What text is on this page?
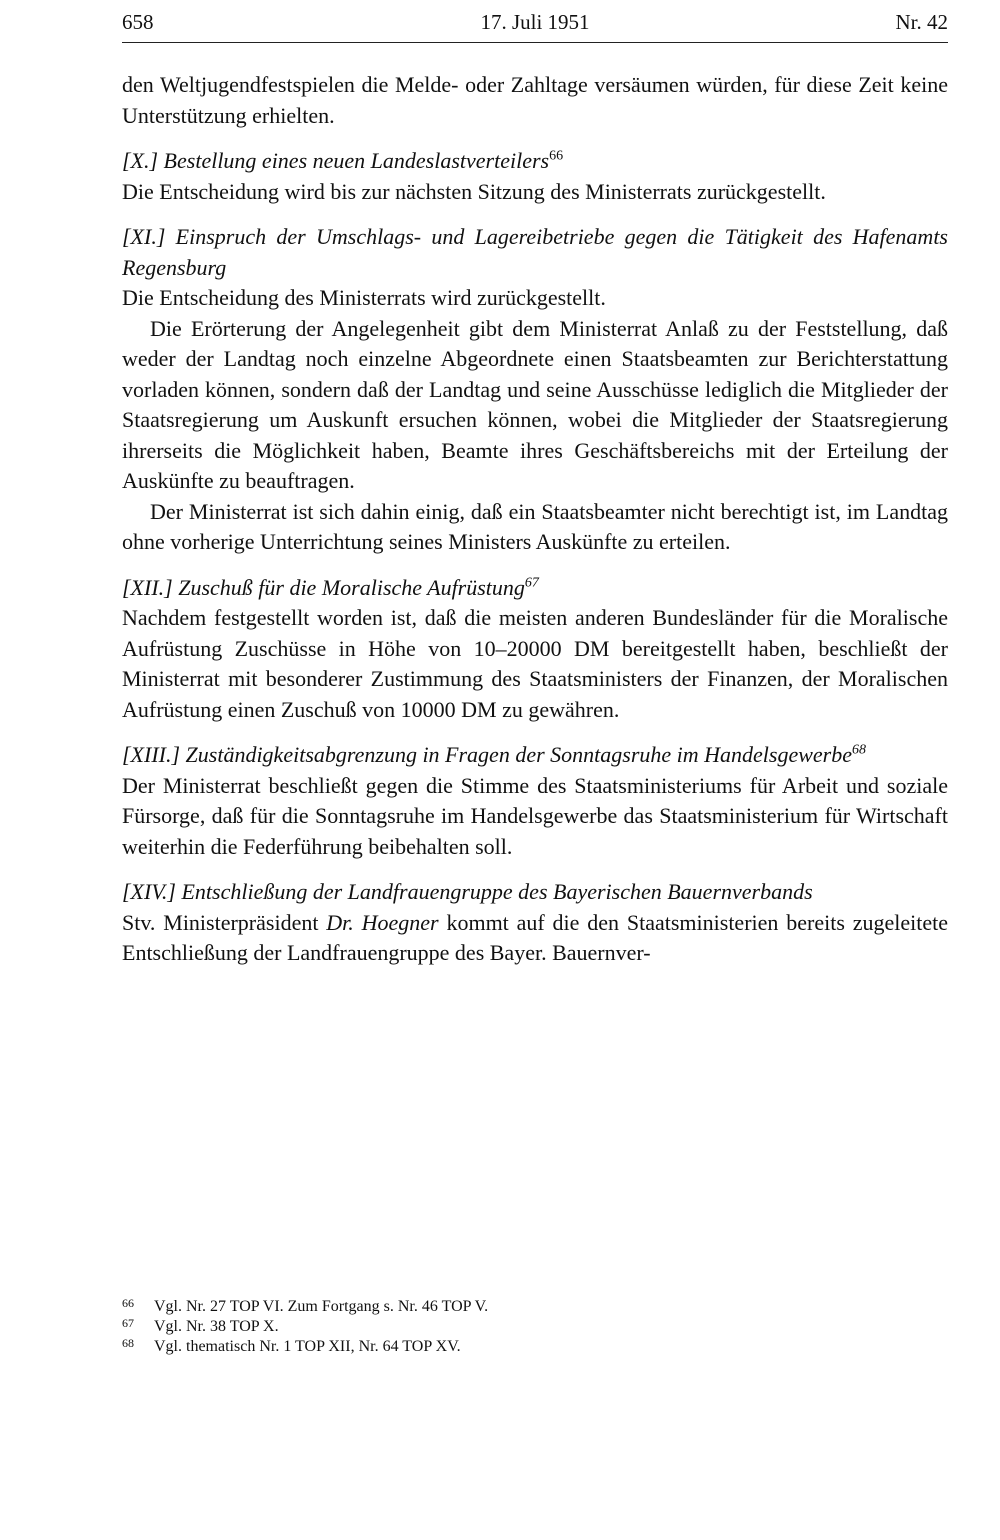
658	17. Juli 1951	Nr. 42

den Weltjugendfestspielen die Melde- oder Zahltage versäumen würden, für diese Zeit keine Unterstützung erhielten.

[X.] Bestellung eines neuen Landeslastverteilers$^{66}$

Die Entscheidung wird bis zur nächsten Sitzung des Ministerrats zurückgestellt.

[XI.] Einspruch der Umschlags- und Lagereibetriebe gegen die Tätigkeit des Hafenamts Regensburg

Die Entscheidung des Ministerrats wird zurückgestellt.

Die Erörterung der Angelegenheit gibt dem Ministerrat Anlaß zu der Feststellung, daß weder der Landtag noch einzelne Abgeordnete einen Staatsbeamten zur Berichterstattung vorladen können, sondern daß der Landtag und seine Ausschüsse lediglich die Mitglieder der Staatsregierung um Auskunft ersuchen können, wobei die Mitglieder der Staatsregierung ihrerseits die Möglichkeit haben, Beamte ihres Geschäftsbereichs mit der Erteilung der Auskünfte zu beauftragen.

Der Ministerrat ist sich dahin einig, daß ein Staatsbeamter nicht berechtigt ist, im Landtag ohne vorherige Unterrichtung seines Ministers Auskünfte zu erteilen.

[XII.] Zuschuß für die Moralische Aufrüstung$^{67}$

Nachdem festgestellt worden ist, daß die meisten anderen Bundesländer für die Moralische Aufrüstung Zuschüsse in Höhe von 10–20000 DM bereitgestellt haben, beschließt der Ministerrat mit besonderer Zustimmung des Staatsministers der Finanzen, der Moralischen Aufrüstung einen Zuschuß von 10000 DM zu gewähren.

[XIII.] Zuständigkeitsabgrenzung in Fragen der Sonntagsruhe im Handelsgewerbe$^{68}$

Der Ministerrat beschließt gegen die Stimme des Staatsministeriums für Arbeit und soziale Fürsorge, daß für die Sonntagsruhe im Handelsgewerbe das Staatsministerium für Wirtschaft weiterhin die Federführung beibehalten soll.

[XIV.] Entschließung der Landfrauengruppe des Bayerischen Bauernverbands

Stv. Ministerpräsident Dr. Hoegner kommt auf die den Staatsministerien bereits zugeleitete Entschließung der Landfrauengruppe des Bayer. Bauernver-

66	Vgl. Nr. 27 TOP VI. Zum Fortgang s. Nr. 46 TOP V.
67	Vgl. Nr. 38 TOP X.
68	Vgl. thematisch Nr. 1 TOP XII, Nr. 64 TOP XV.
